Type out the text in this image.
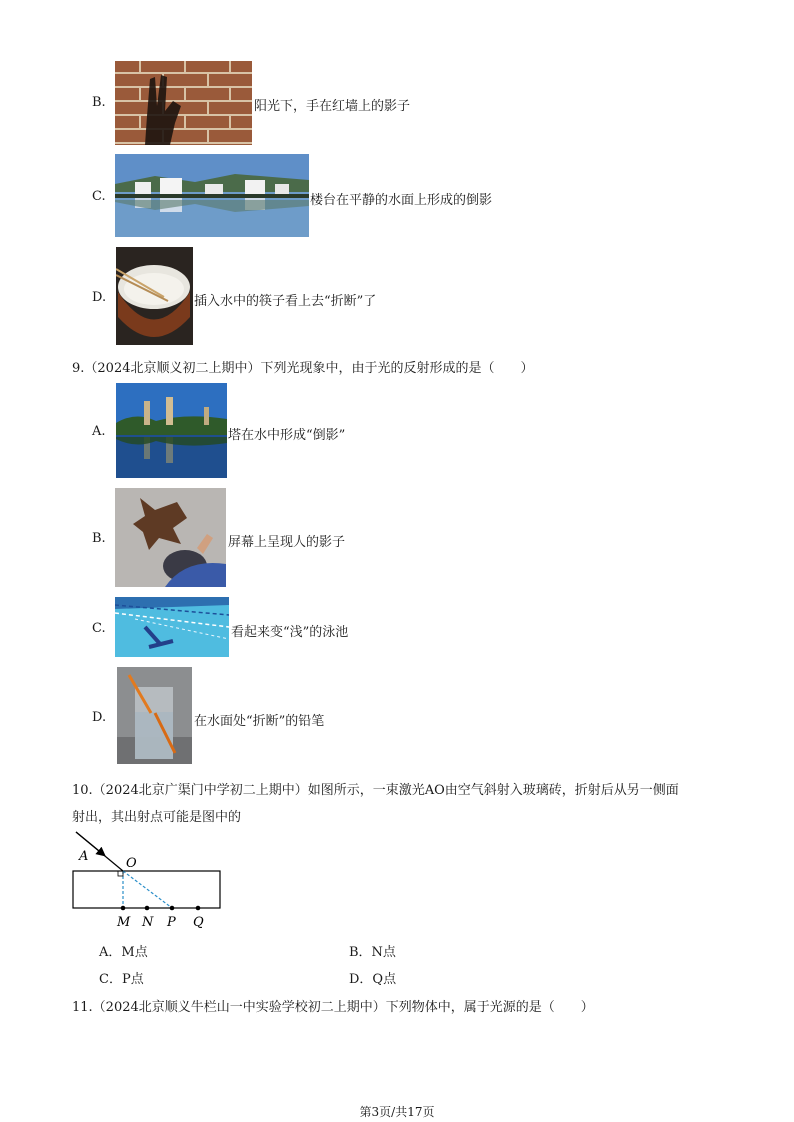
B.	阳光下，手在红墙上的影子
C.	楼台在平静的水面上形成的倒影
D.	插入水中的筷子看上去“折断”了
9.（2024北京顺义初二上期中）下列光现象中，由于光的反射形成的是（　　）
A.	塔在水中形成“倒影”
B.	屏幕上呈现人的影子
C.	看起来变“浅”的泳池
D.	在水面处“折断”的铅笔
10.（2024北京广渠门中学初二上期中）如图所示，一束激光AO由空气斜射入玻璃砖，折射后从另一侧面
射出，其出射点可能是图中的
A	O
M N P Q
A．M点	B．N点
C．P点	D．Q点
11.（2024北京顺义牛栏山一中实验学校初二上期中）下列物体中，属于光源的是（　　）
第3页/共17页
